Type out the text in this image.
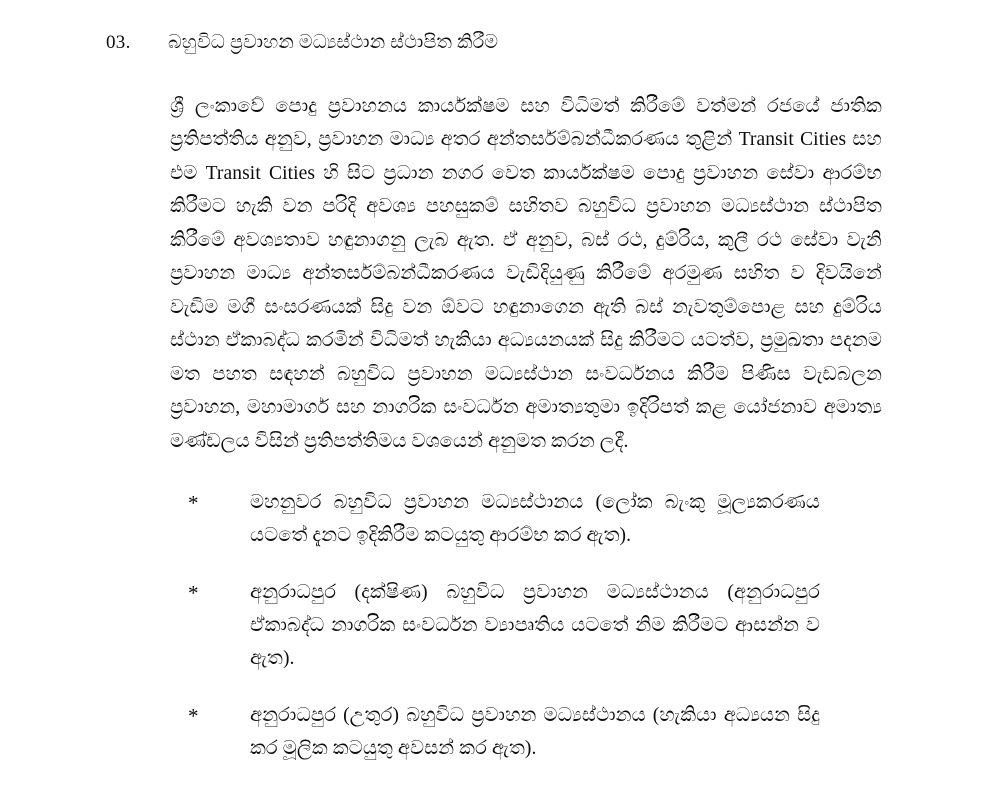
03.	බහුවිධ ප්‍රවාහන මධ්‍යස්ථාන ස්ථාපිත කිරීම

ශ්‍රී ලංකාවේ පොදු ප්‍රවාහනය කාර්යක්ෂම සහ විධිමත් කිරීමේ වත්මන් රජයේ ජාතික ප්‍රතිපත්තිය අනුව, ප්‍රවාහන මාධ්‍ය අතර අන්තර්සම්බන්ධීකරණය තුළින් Transit Cities සහ එම Transit Cities හි සිට ප්‍රධාන නගර වෙත කාර්යක්ෂම පොදු ප්‍රවාහන සේවා ආරම්භ කිරීමට හැකි වන පරිදි අවශ්‍ය පහසුකම් සහිතව බහුවිධ ප්‍රවාහන මධ්‍යස්ථාන ස්ථාපිත කිරීමේ අවශ්‍යතාව හඳුනාගනු ලැබ ඇත. ඒ අනුව, බස් රථ, දුම්රිය, කුලී රථ සේවා වැනි ප්‍රවාහන මාධ්‍ය අන්තර්සම්බන්ධීකරණය වැඩිදියුණු කිරීමේ අරමුණ සහිත ව දිවයිනේ වැඩිම මගී සංසරණයක් සිදු වන ඕවට හඳුනාගෙන ඇති බස් නැවතුම්පොළ සහ දුම්රිය ස්ථාන ඒකාබද්ධ කරමින් විධිමත් හැකියා අධ්‍යයනයක් සිදු කිරීමට යටත්ව, ප්‍රමුඛතා පදනම මත පහත සඳහන් බහුවිධ ප්‍රවාහන මධ්‍යස්ථාන සංවර්ධනය කිරීම පිණිස වැඩබලන ප්‍රවාහන, මහාමාර්ග සහ නාගරික සංවර්ධන අමාත්‍යතුමා ඉදිරිපත් කළ යෝජනාව අමාත්‍ය මණ්ඩලය විසින් ප්‍රතිපත්තිමය වශයෙන් අනුමත කරන ලදී.

*	මහනුවර බහුවිධ ප්‍රවාහන මධ්‍යස්ථානය (ලෝක බැංකු මූල්‍යකරණය යටතේ දැනට ඉදිකිරීම කටයුතු ආරම්භ කර ඇත).
*	අනුරාධපුර (දක්ෂිණ) බහුවිධ ප්‍රවාහන මධ්‍යස්ථානය (අනුරාධපුර ඒකාබද්ධ නාගරික සංවර්ධන ව්‍යාපෘතිය යටතේ නිම කිරීමට ආසන්න ව ඇත).
*	අනුරාධපුර (උතුර) බහුවිධ ප්‍රවාහන මධ්‍යස්ථානය (හැකියා අධ්‍යයන සිදු කර මූලික කටයුතු අවසන් කර ඇත).
